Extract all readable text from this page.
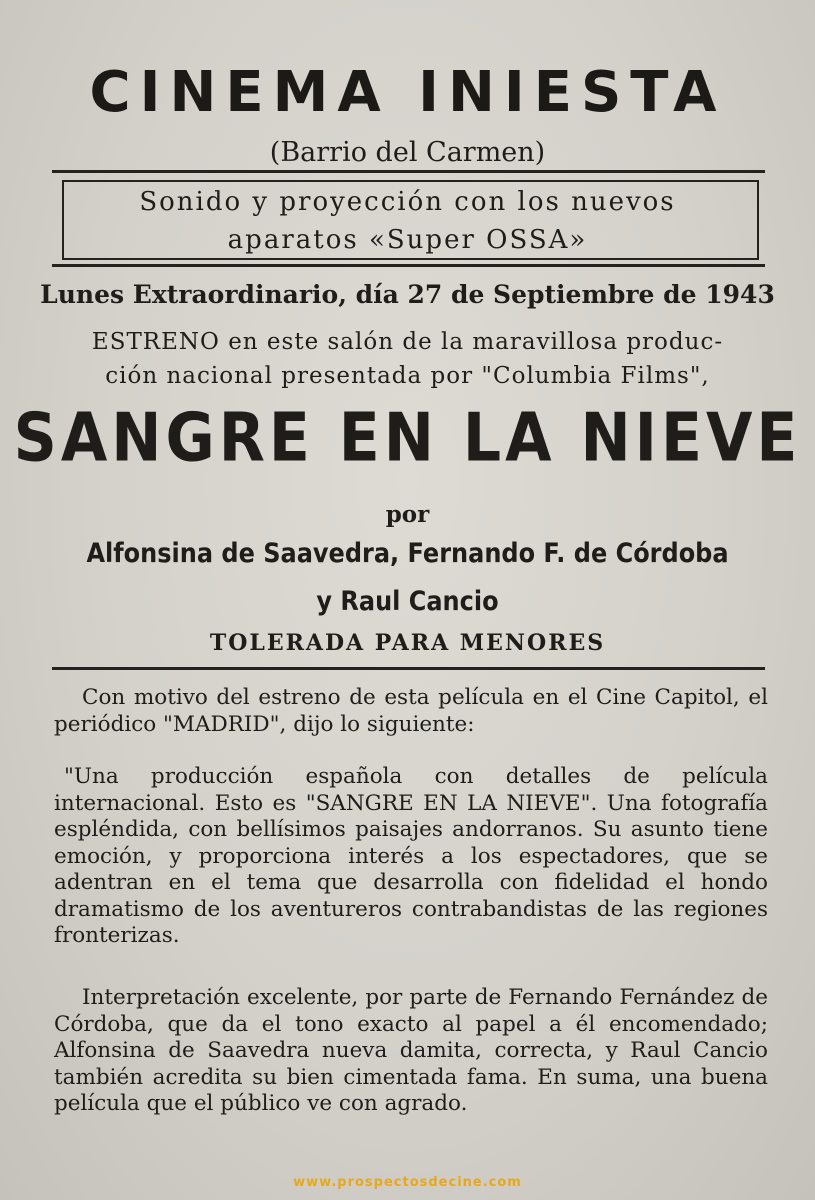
CINEMA INIESTA
(Barrio del Carmen)
Sonido y proyección con los nuevos
aparatos «Super OSSA»
Lunes Extraordinario, día 27 de Septiembre de 1943
ESTRENO en este salón de la maravillosa produc-
ción nacional presentada por "Columbia Films",
SANGRE EN LA NIEVE
por
Alfonsina de Saavedra, Fernando F. de Córdoba
y Raul Cancio
TOLERADA PARA MENORES
Con motivo del estreno de esta película en el Cine Capitol, el periódico "MADRID", dijo lo siguiente:
"Una producción española con detalles de película internacional. Esto es "SANGRE EN LA NIEVE". Una fotografía espléndida, con bellísimos paisajes andorranos. Su asunto tiene emoción, y proporciona interés a los espectadores, que se adentran en el tema que desarrolla con fidelidad el hondo dramatismo de los aventureros contrabandistas de las regiones fronterizas.
Interpretación excelente, por parte de Fernando Fernández de Córdoba, que da el tono exacto al papel a él encomendado; Alfonsina de Saavedra nueva damita, correcta, y Raul Cancio también acredita su bien cimentada fama. En suma, una buena película que el público ve con agrado.
www.prospectosdecine.com
